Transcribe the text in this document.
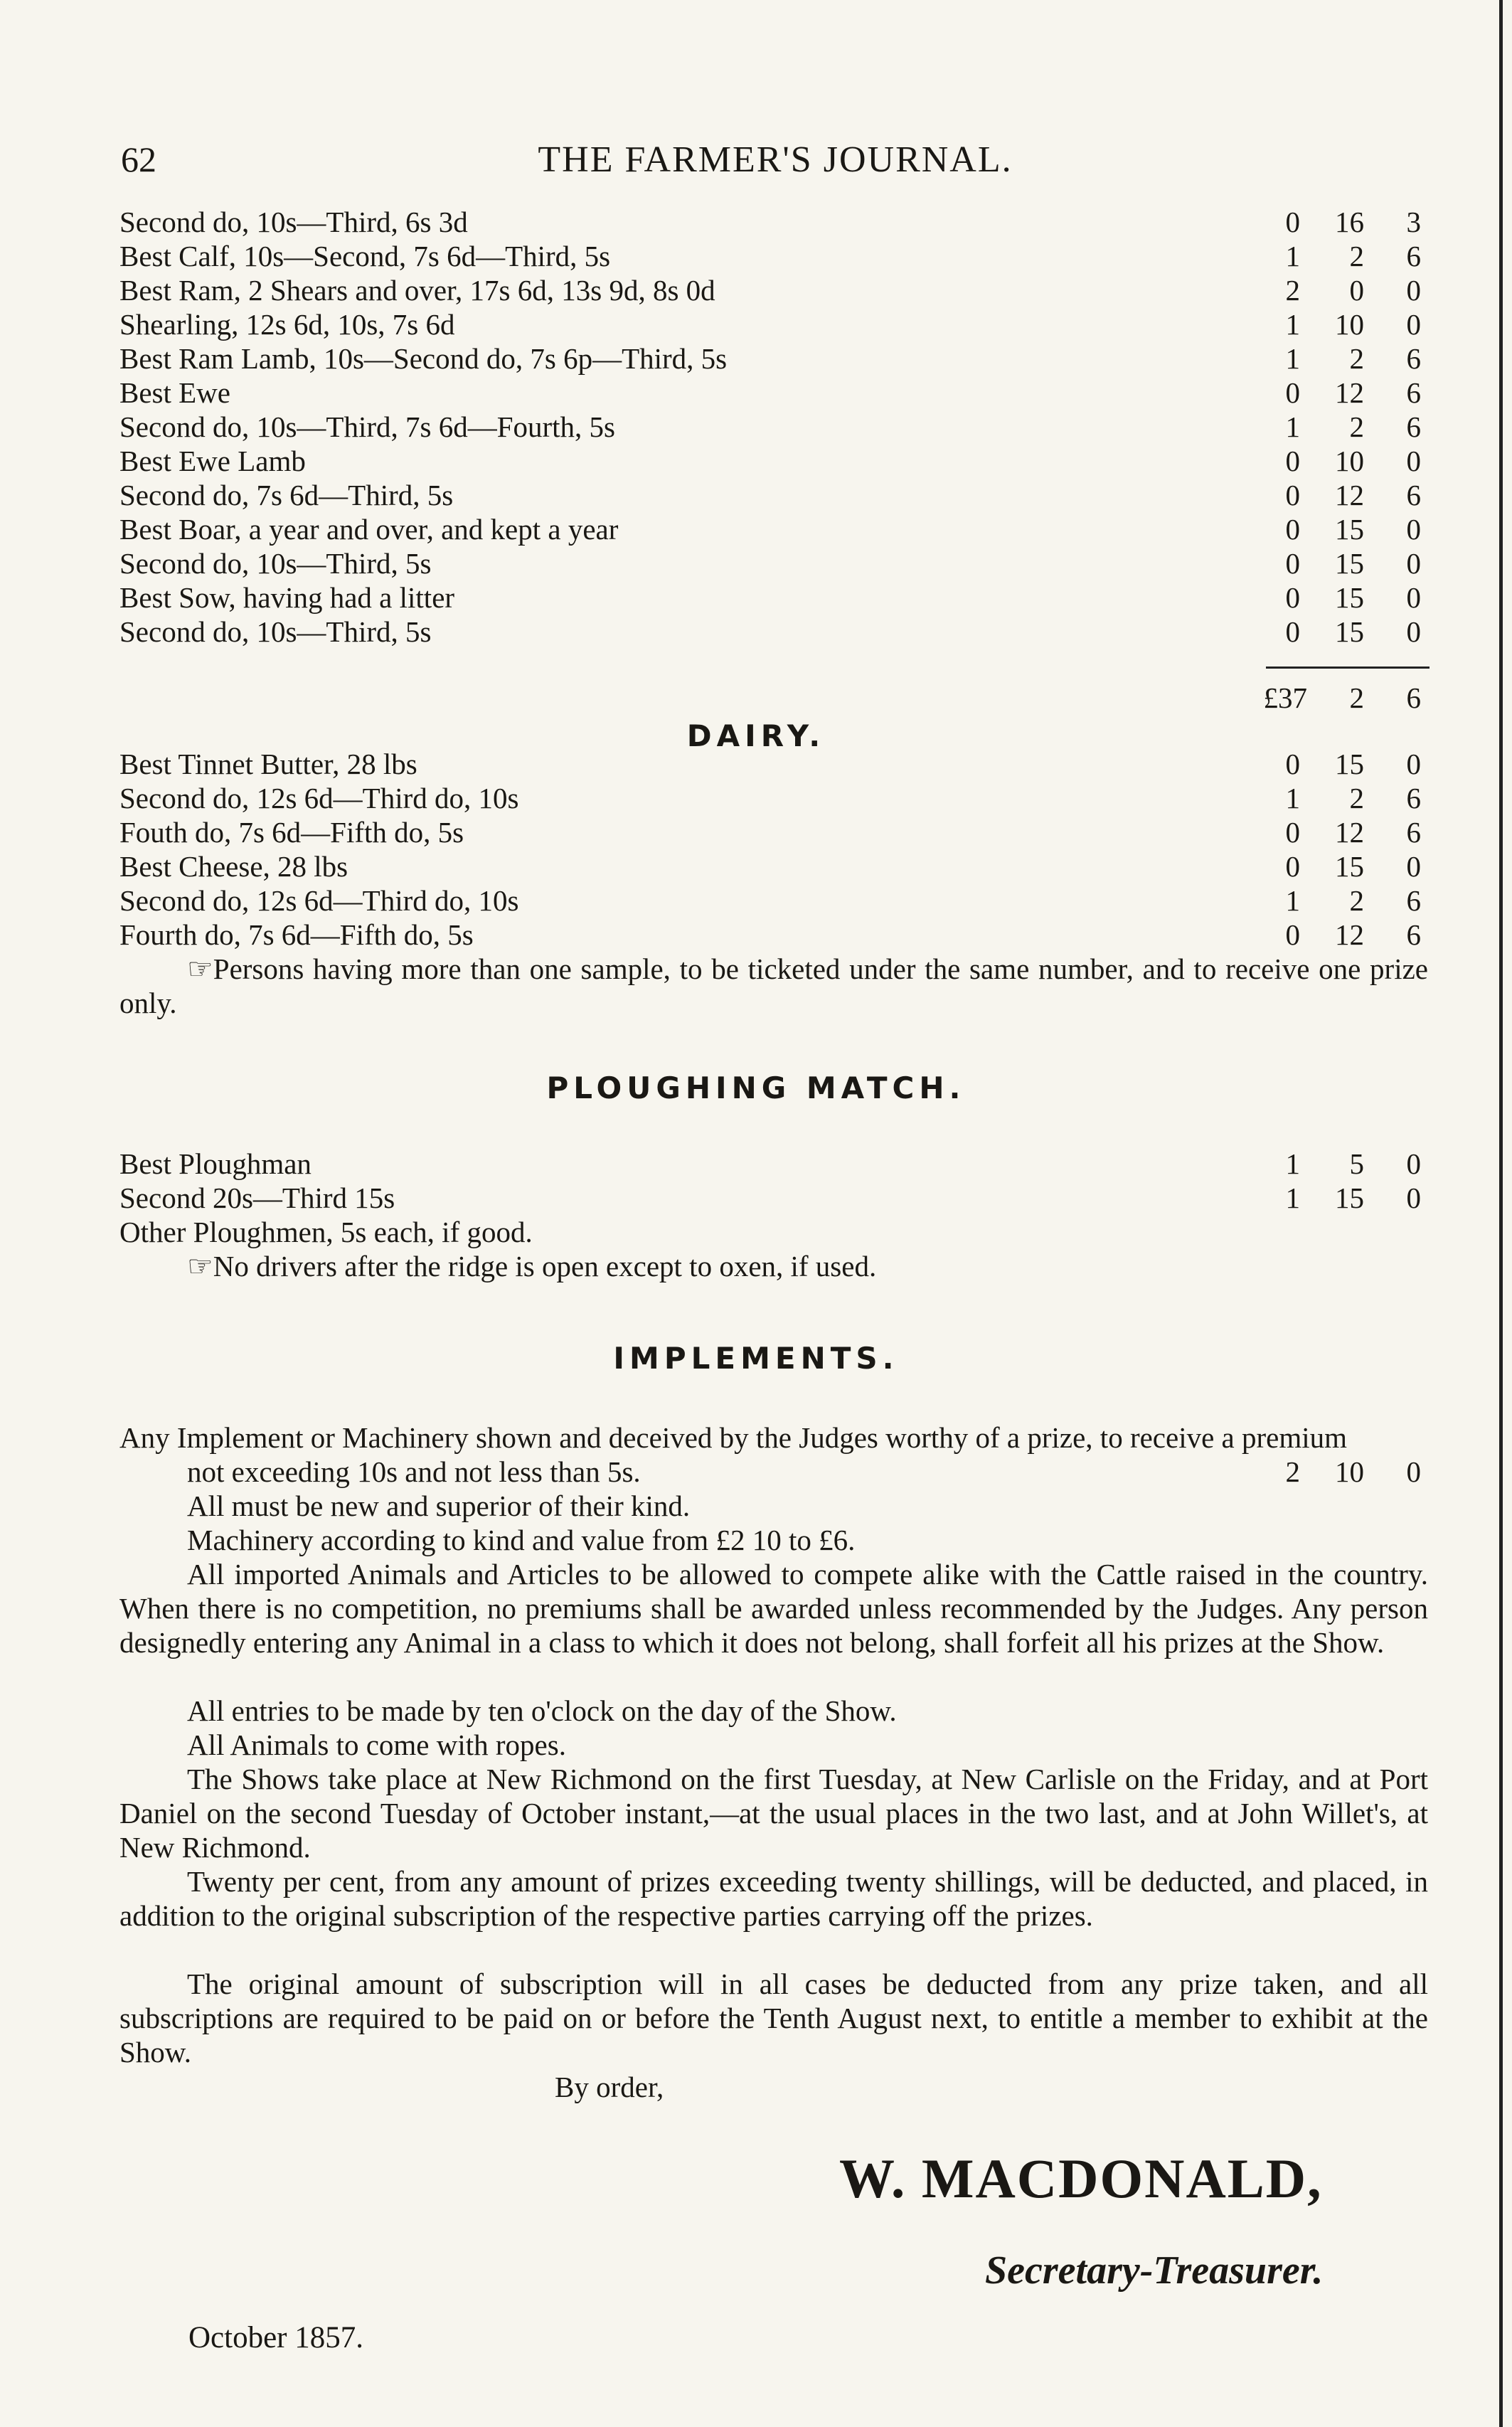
62	THE FARMER'S JOURNAL.
Second do, 10s—Third, 6s 3d	0	16	3
Best Calf, 10s—Second, 7s 6d—Third, 5s	1	2	6
Best Ram, 2 Shears and over, 17s 6d, 13s 9d, 8s 0d	2	0	0
Shearling, 12s 6d, 10s, 7s 6d	1	10	0
Best Ram Lamb, 10s—Second do, 7s 6p—Third, 5s	1	2	6
Best Ewe	0	12	6
Second do, 10s—Third, 7s 6d—Fourth, 5s	1	2	6
Best Ewe Lamb	0	10	0
Second do, 7s 6d—Third, 5s	0	12	6
Best Boar, a year and over, and kept a year	0	15	0
Second do, 10s—Third, 5s	0	15	0
Best Sow, having had a litter	0	15	0
Second do, 10s—Third, 5s	0	15	0
£37	2	6
DAIRY.
Best Tinnet Butter, 28 lbs	0	15	0
Second do, 12s 6d—Third do, 10s	1	2	6
Fouth do, 7s 6d—Fifth do, 5s	0	12	6
Best Cheese, 28 lbs	0	15	0
Second do, 12s 6d—Third do, 10s	1	2	6
Fourth do, 7s 6d—Fifth do, 5s	0	12	6
☞Persons having more than one sample, to be ticketed under the same number, and to receive one prize only.
PLOUGHING MATCH.
Best Ploughman	1	5	0
Second 20s—Third 15s	1	15	0
Other Ploughmen, 5s each, if good.
☞No drivers after the ridge is open except to oxen, if used.
IMPLEMENTS.
Any Implement or Machinery shown and deceived by the Judges worthy of a prize, to receive a premium not exceeding 10s and not less than 5s.	2	10	0
All must be new and superior of their kind.
Machinery according to kind and value from £2 10 to £6.
All imported Animals and Articles to be allowed to compete alike with the Cattle raised in the country. When there is no competition, no premiums shall be awarded unless recommended by the Judges. Any person designedly entering any Animal in a class to which it does not belong, shall forfeit all his prizes at the Show.
All entries to be made by ten o'clock on the day of the Show.
All Animals to come with ropes.
The Shows take place at New Richmond on the first Tuesday, at New Carlisle on the Friday, and at Port Daniel on the second Tuesday of October instant,—at the usual places in the two last, and at John Willet's, at New Richmond.
Twenty per cent, from any amount of prizes exceeding twenty shillings, will be deducted, and placed, in addition to the original subscription of the respective parties carrying off the prizes.
The original amount of subscription will in all cases be deducted from any prize taken, and all subscriptions are required to be paid on or before the Tenth August next, to entitle a member to exhibit at the Show.
By order,
W. MACDONALD,
Secretary-Treasurer.
October 1857.
